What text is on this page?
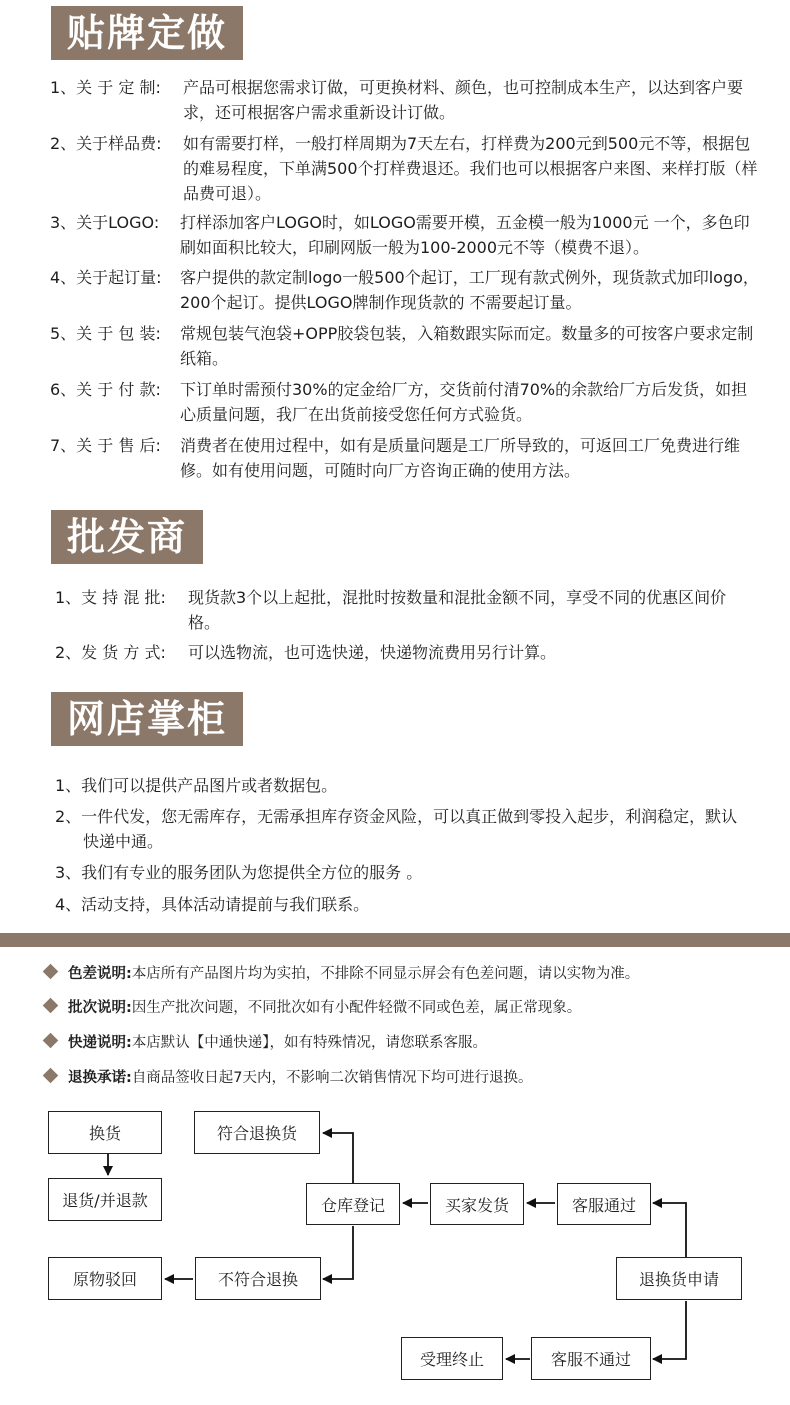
贴牌定做
1、关 于 定 制: 产品可根据您需求订做，可更换材料、颜色，也可控制成本生产，以达到客户要求，还可根据客户需求重新设计订做。
2、关于样品费: 如有需要打样，一般打样周期为7天左右，打样费为200元到500元不等，根据包的难易程度，下单满500个打样费退还。我们也可以根据客户来图、来样打版（样品费可退）。
3、关于LOGO: 打样添加客户LOGO时，如LOGO需要开模，五金模一般为1000元 一个，多色印刷如面积比较大，印刷网版一般为100-2000元不等（模费不退）。
4、关于起订量: 客户提供的款定制logo一般500个起订，工厂现有款式例外，现货款式加印logo，200个起订。提供LOGO牌制作现货款的 不需要起订量。
5、关 于 包 装: 常规包装气泡袋+OPP胶袋包装，入箱数跟实际而定。数量多的可按客户要求定制纸箱。
6、关 于 付 款: 下订单时需预付30%的定金给厂方，交货前付清70%的余款给厂方后发货，如担心质量问题，我厂在出货前接受您任何方式验货。
7、关 于 售 后: 消费者在使用过程中，如有是质量问题是工厂所导致的，可返回工厂免费进行维修。如有使用问题，可随时向厂方咨询正确的使用方法。
批发商
1、支 持 混 批: 现货款3个以上起批，混批时按数量和混批金额不同，享受不同的优惠区间价格。
2、发 货 方 式: 可以选物流，也可选快递，快递物流费用另行计算。
网店掌柜
1、我们可以提供产品图片或者数据包。
2、一件代发，您无需库存，无需承担库存资金风险，可以真正做到零投入起步，利润稳定，默认快递中通。
3、我们有专业的服务团队为您提供全方位的服务 。
4、活动支持，具体活动请提前与我们联系。
色差说明:本店所有产品图片均为实拍，不排除不同显示屏会有色差问题，请以实物为准。
批次说明:因生产批次问题，不同批次如有小配件轻微不同或色差，属正常现象。
快递说明:本店默认【中通快递】，如有特殊情况，请您联系客服。
退换承诺:自商品签收日起7天内，不影响二次销售情况下均可进行退换。
换货
退货/并退款
符合退换货
仓库登记	买家发货	客服通过
退换货申请
原物驳回	不符合退换
受理终止	客服不通过
